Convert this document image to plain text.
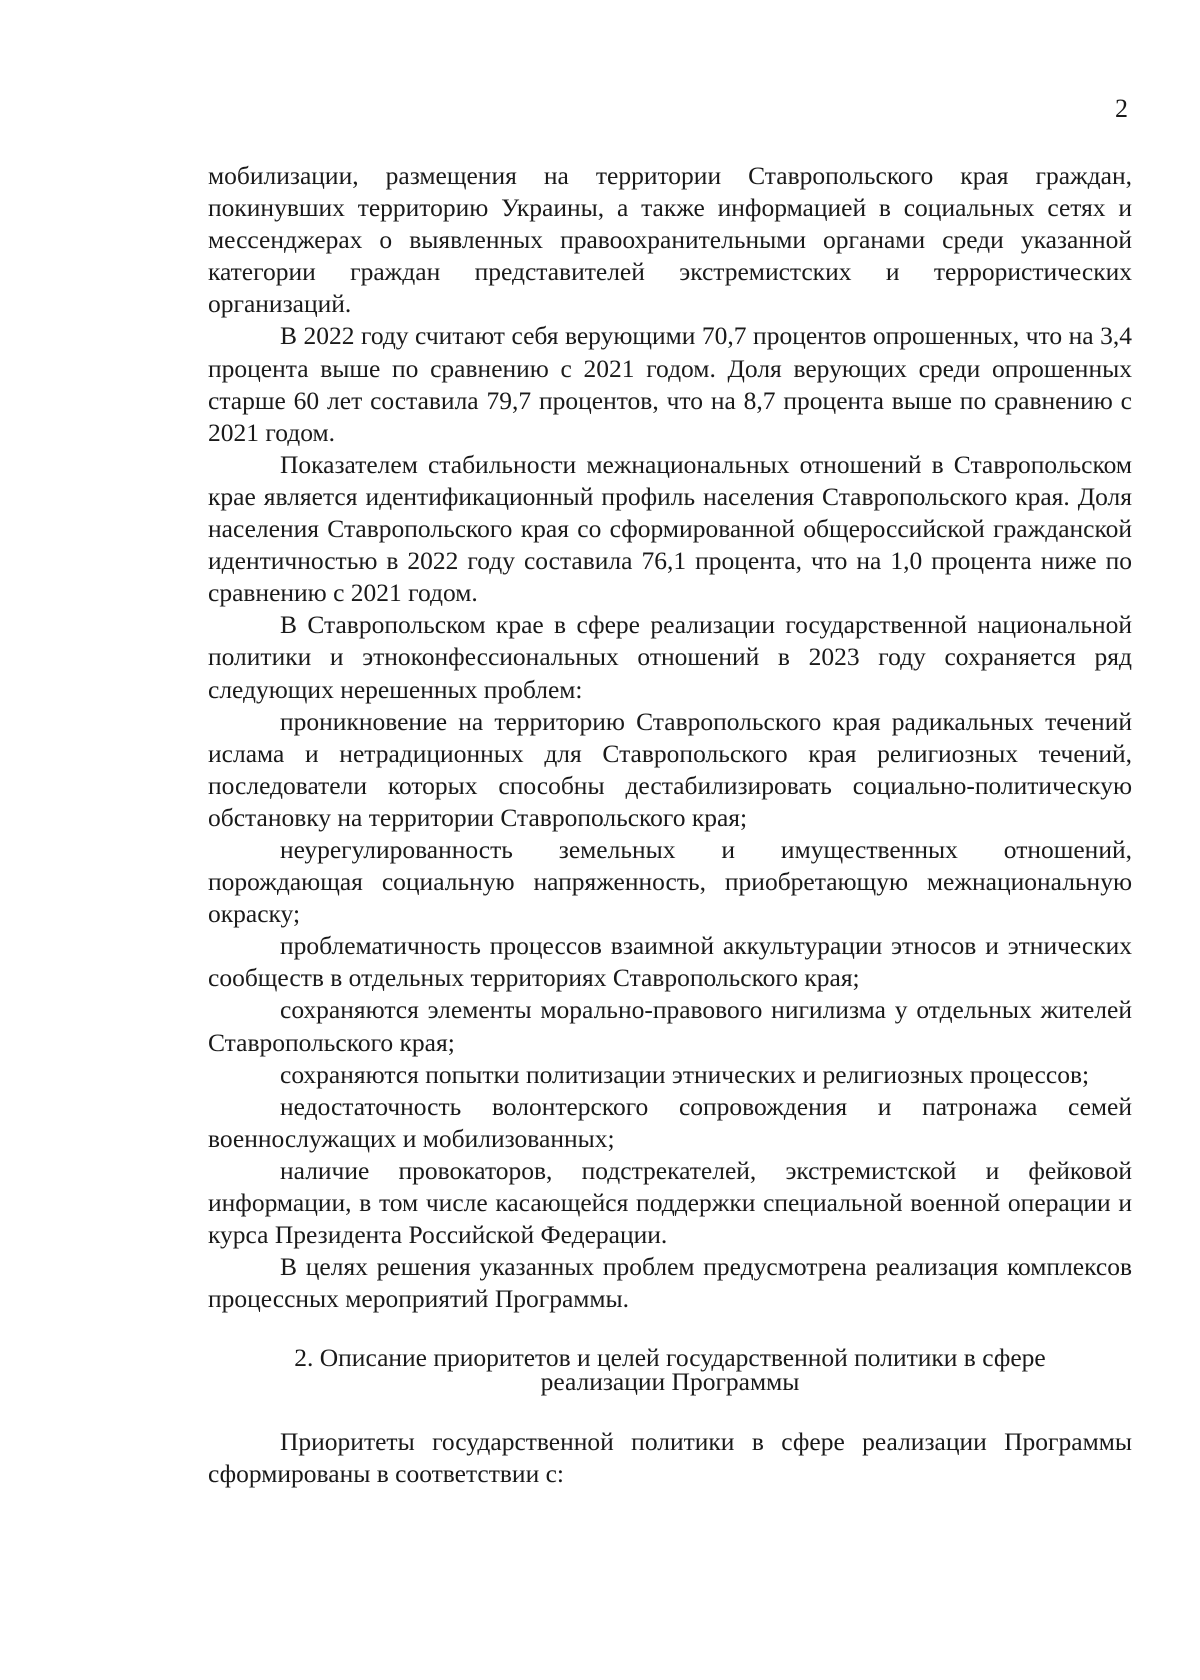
2

мобилизации, размещения на территории Ставропольского края граждан, покинувших территорию Украины, а также информацией в социальных сетях и мессенджерах о выявленных правоохранительными органами среди указанной категории граждан представителей экстремистских и террористических организаций.

В 2022 году считают себя верующими 70,7 процентов опрошенных, что на 3,4 процента выше по сравнению с 2021 годом. Доля верующих среди опрошенных старше 60 лет составила 79,7 процентов, что на 8,7 процента выше по сравнению с 2021 годом.

Показателем стабильности межнациональных отношений в Ставропольском крае является идентификационный профиль населения Ставропольского края. Доля населения Ставропольского края со сформированной общероссийской гражданской идентичностью в 2022 году составила 76,1 процента, что на 1,0 процента ниже по сравнению с 2021 годом.

В Ставропольском крае в сфере реализации государственной национальной политики и этноконфессиональных отношений в 2023 году сохраняется ряд следующих нерешенных проблем:

проникновение на территорию Ставропольского края радикальных течений ислама и нетрадиционных для Ставропольского края религиозных течений, последователи которых способны дестабилизировать социально-политическую обстановку на территории Ставропольского края;

неурегулированность земельных и имущественных отношений, порождающая социальную напряженность, приобретающую межнациональную окраску;

проблематичность процессов взаимной аккультурации этносов и этнических сообществ в отдельных территориях Ставропольского края;

сохраняются элементы морально-правового нигилизма у отдельных жителей Ставропольского края;

сохраняются попытки политизации этнических и религиозных процессов;

недостаточность волонтерского сопровождения и патронажа семей военнослужащих и мобилизованных;

наличие провокаторов, подстрекателей, экстремистской и фейковой информации, в том числе касающейся поддержки специальной военной операции и курса Президента Российской Федерации.

В целях решения указанных проблем предусмотрена реализация комплексов процессных мероприятий Программы.

2. Описание приоритетов и целей государственной политики в сфере
реализации Программы

Приоритеты государственной политики в сфере реализации Программы сформированы в соответствии с:
